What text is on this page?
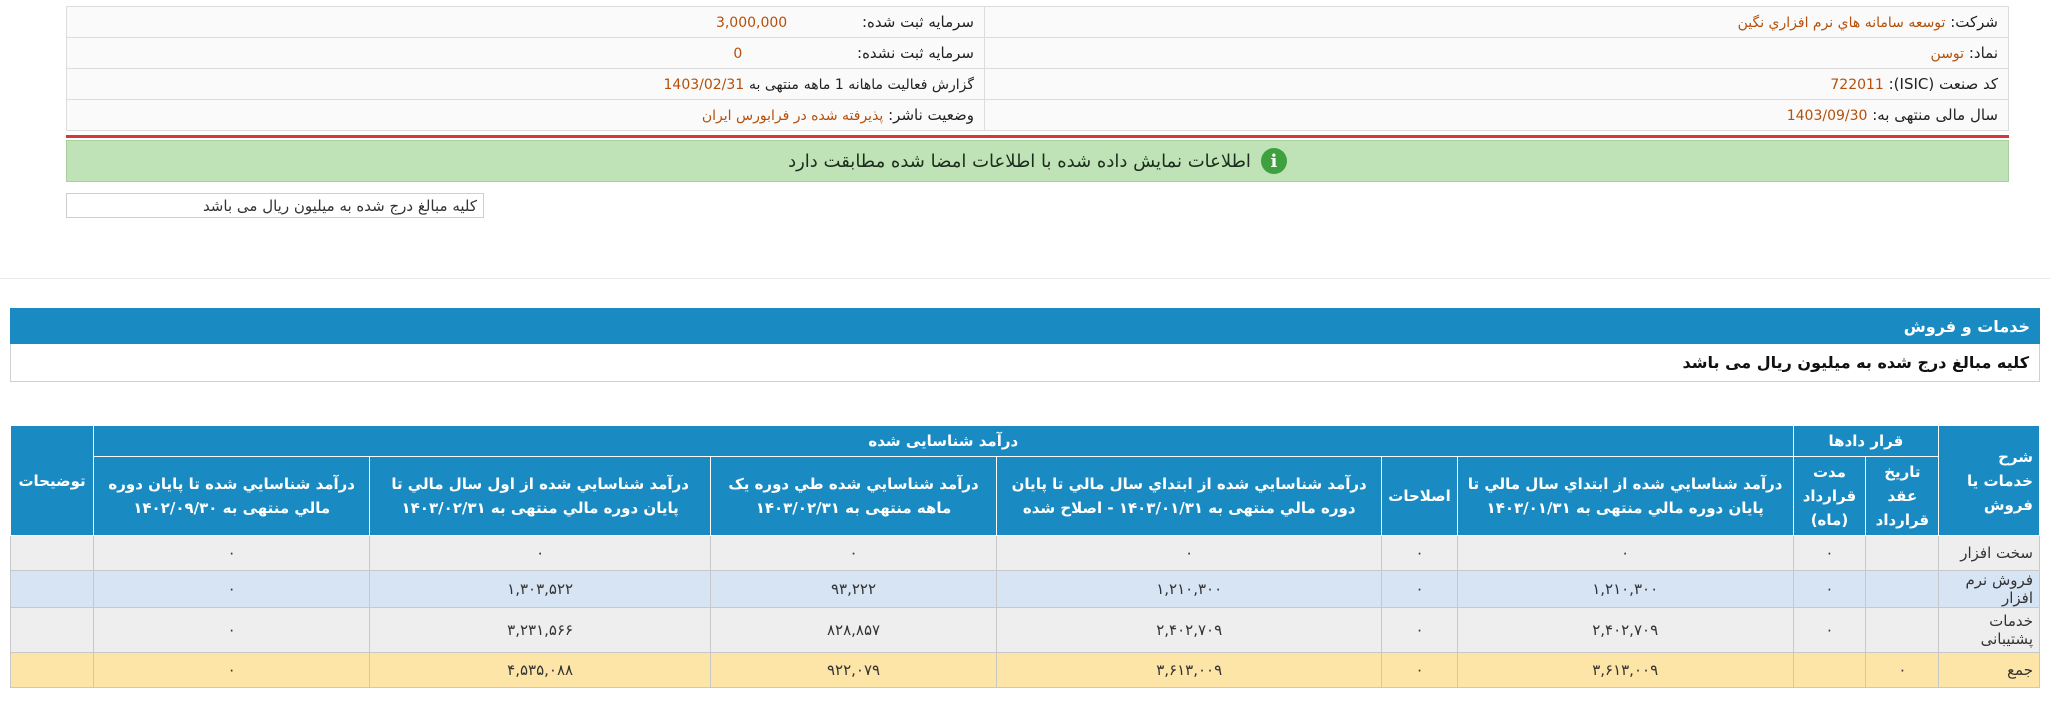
شرکت: توسعه سامانه هاي نرم افزاري نگين	سرمایه ثبت شده: 3,000,000
نماد: توسن	سرمایه ثبت نشده: 0
کد صنعت (ISIC): 722011	گزارش فعالیت ماهانه 1 ماهه منتهی به 1403/02/31
سال مالی منتهی به: 1403/09/30	وضعیت ناشر: پذیرفته شده در فرابورس ایران
i
اطلاعات نمایش داده شده با اطلاعات امضا شده مطابقت دارد
کلیه مبالغ درج شده به میلیون ریال می باشد
خدمات و فروش
کلیه مبالغ درج شده به میلیون ریال می باشد
شرح خدمات یا فروش	قرار دادها		درآمد شناسایی شده						توضیحات
	تاریخ عقد قرارداد	مدت قرارداد (ماه)	درآمد شناسايي شده از ابتداي سال مالي تا پايان دوره مالي منتهی به ۱۴۰۳/۰۱/۳۱	اصلاحات	درآمد شناسايي شده از ابتداي سال مالي تا پايان دوره مالي منتهی به ۱۴۰۳/۰۱/۳۱ - اصلاح شده	درآمد شناسايي شده طي دوره يک ماهه منتهی به ۱۴۰۳/۰۲/۳۱	درآمد شناسايي شده از اول سال مالي تا پايان دوره مالي منتهی به ۱۴۰۳/۰۲/۳۱	درآمد شناسايي شده تا پايان دوره مالي منتهی به ۱۴۰۲/۰۹/۳۰	
سخت افزار		٠	٠	٠	٠	٠	٠	٠	
فروش نرم افزار		٠	۱,۲۱۰,۳۰۰	٠	۱,۲۱۰,۳۰۰	۹۳,۲۲۲	۱,۳۰۳,۵۲۲	٠	
خدمات پشتیبانی		٠	۲,۴۰۲,۷۰۹	٠	۲,۴۰۲,۷۰۹	۸۲۸,۸۵۷	۳,۲۳۱,۵۶۶	٠	
جمع	٠		۳,۶۱۳,۰۰۹	٠	۳,۶۱۳,۰۰۹	۹۲۲,۰۷۹	۴,۵۳۵,۰۸۸	٠	
